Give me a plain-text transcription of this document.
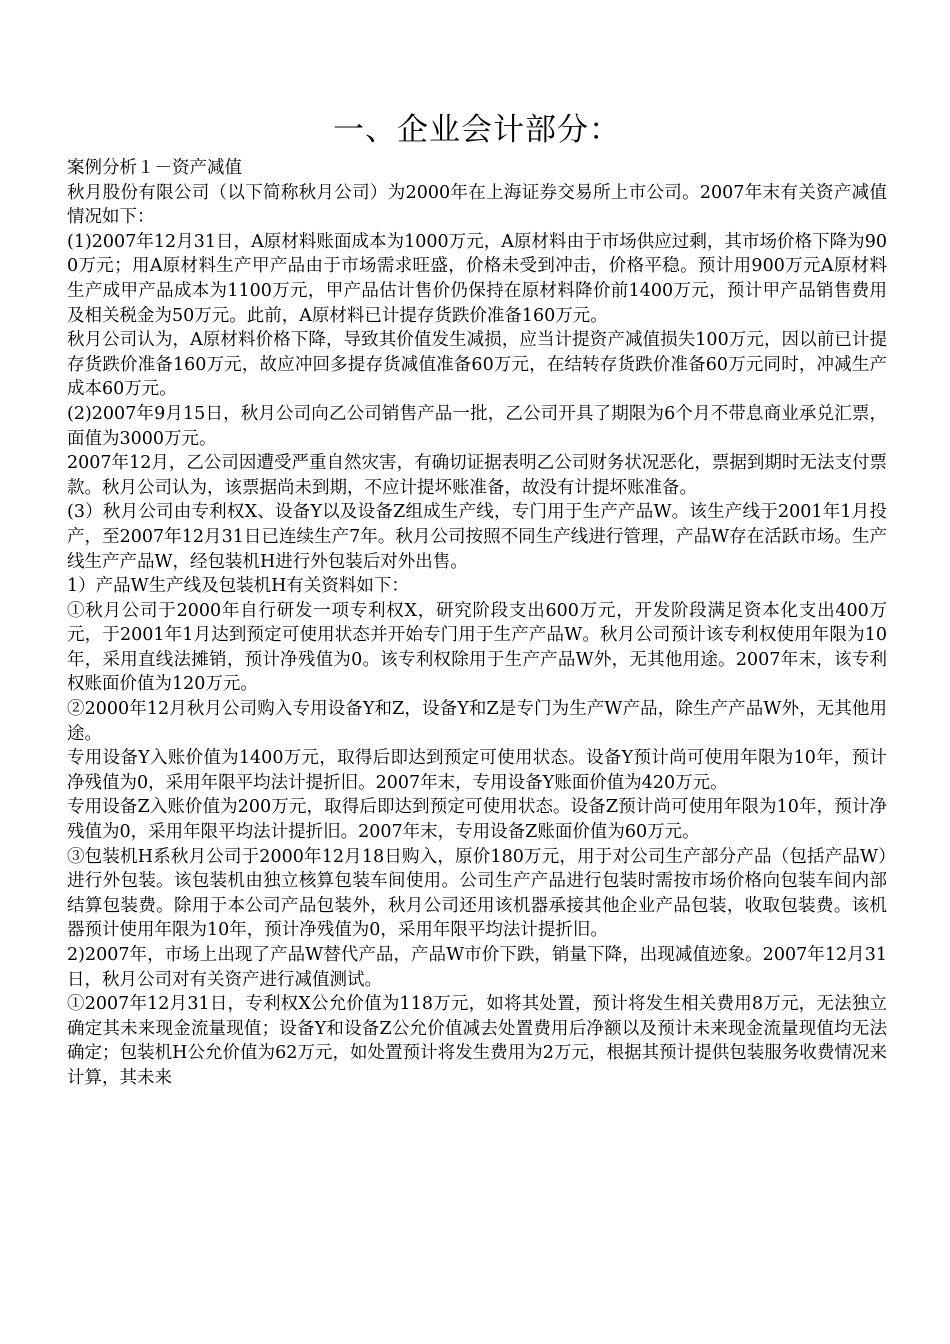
一、企业会计部分：

案例分析１－资产减值

秋月股份有限公司（以下简称秋月公司）为2000年在上海证券交易所上市公司。2007年末有关资产减值情况如下：

(1)2007年12月31日，A原材料账面成本为1000万元，A原材料由于市场供应过剩，其市场价格下降为900万元；用A原材料生产甲产品由于市场需求旺盛，价格未受到冲击，价格平稳。预计用900万元A原材料生产成甲产品成本为1100万元，甲产品估计售价仍保持在原材料降价前1400万元，预计甲产品销售费用及相关税金为50万元。此前，A原材料已计提存货跌价准备160万元。

秋月公司认为，A原材料价格下降，导致其价值发生减损，应当计提资产减值损失100万元，因以前已计提存货跌价准备160万元，故应冲回多提存货减值准备60万元，在结转存货跌价准备60万元同时，冲减生产成本60万元。

(2)2007年9月15日，秋月公司向乙公司销售产品一批，乙公司开具了期限为6个月不带息商业承兑汇票，面值为3000万元。

2007年12月，乙公司因遭受严重自然灾害，有确切证据表明乙公司财务状况恶化，票据到期时无法支付票款。秋月公司认为，该票据尚未到期，不应计提坏账准备，故没有计提坏账准备。

(3）秋月公司由专利权X、设备Y以及设备Z组成生产线，专门用于生产产品W。该生产线于2001年1月投产，至2007年12月31日已连续生产7年。秋月公司按照不同生产线进行管理，产品W存在活跃市场。生产线生产产品W，经包装机H进行外包装后对外出售。

1）产品W生产线及包装机H有关资料如下：

①秋月公司于2000年自行研发一项专利权X，研究阶段支出600万元，开发阶段满足资本化支出400万元，于2001年1月达到预定可使用状态并开始专门用于生产产品W。秋月公司预计该专利权使用年限为10年，采用直线法摊销，预计净残值为0。该专利权除用于生产产品W外，无其他用途。2007年末，该专利权账面价值为120万元。

②2000年12月秋月公司购入专用设备Y和Z，设备Y和Z是专门为生产W产品，除生产产品W外，无其他用途。

专用设备Y入账价值为1400万元，取得后即达到预定可使用状态。设备Y预计尚可使用年限为10年，预计净残值为0，采用年限平均法计提折旧。2007年末，专用设备Y账面价值为420万元。

专用设备Z入账价值为200万元，取得后即达到预定可使用状态。设备Z预计尚可使用年限为10年，预计净残值为0，采用年限平均法计提折旧。2007年末，专用设备Z账面价值为60万元。

③包装机H系秋月公司于2000年12月18日购入，原价180万元，用于对公司生产部分产品（包括产品W）进行外包装。该包装机由独立核算包装车间使用。公司生产产品进行包装时需按市场价格向包装车间内部结算包装费。除用于本公司产品包装外，秋月公司还用该机器承接其他企业产品包装，收取包装费。该机器预计使用年限为10年，预计净残值为0，采用年限平均法计提折旧。

2)2007年，市场上出现了产品W替代产品，产品W市价下跌，销量下降，出现减值迹象。2007年12月31日，秋月公司对有关资产进行减值测试。

①2007年12月31日，专利权X公允价值为118万元，如将其处置，预计将发生相关费用8万元，无法独立确定其未来现金流量现值；设备Y和设备Z公允价值减去处置费用后净额以及预计未来现金流量现值均无法确定；包装机H公允价值为62万元，如处置预计将发生费用为2万元，根据其预计提供包装服务收费情况来计算，其未来
